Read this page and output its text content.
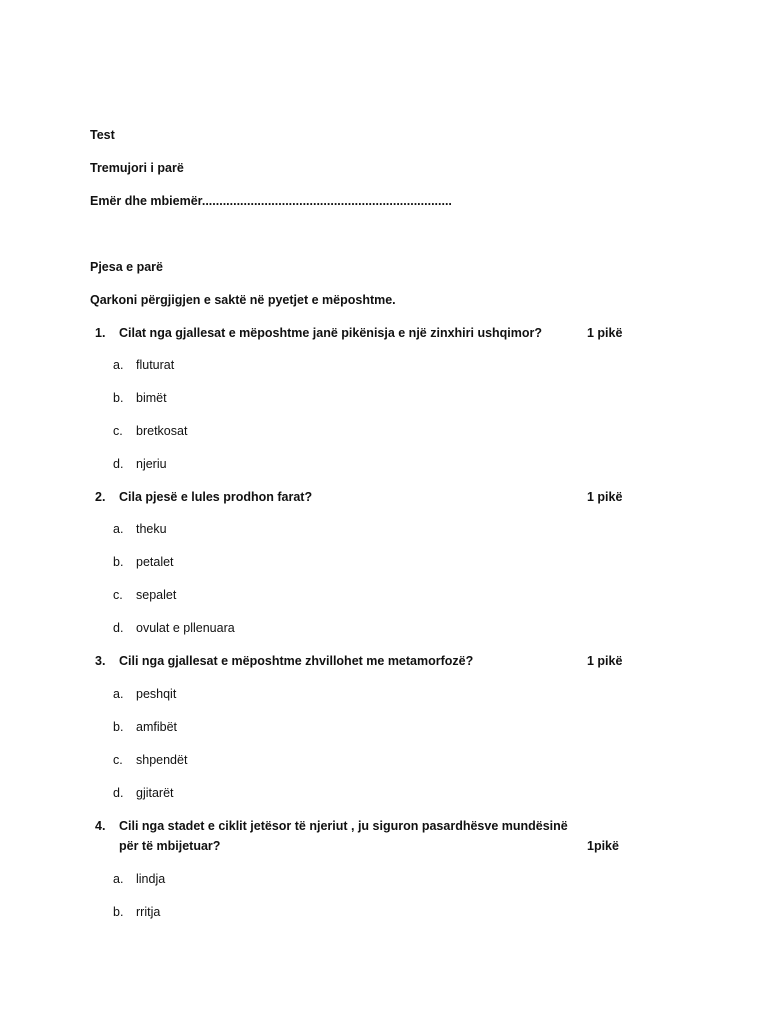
Test
Tremujori i parë
Emër dhe mbiemër........................................................................
Pjesa e parë
Qarkoni përgjigjen e saktë në pyetjet e mëposhtme.
1. Cilat nga gjallesat e mëposhtme janë pikënisja e një zinxhiri ushqimor?	1 pikë
a. fluturat
b. bimët
c. bretkosat
d. njeriu
2. Cila pjesë e lules prodhon farat?	1 pikë
a. theku
b. petalet
c. sepalet
d. ovulat e pllenuara
3. Cili nga gjallesat e mëposhtme zhvillohet me metamorfozë?	1 pikë
a. peshqit
b. amfibët
c. shpendët
d. gjitarët
4. Cili nga stadet e ciklit jetësor të njeriut , ju siguron pasardhësve mundësinë
për të mbijetuar?	1pikë
a. lindja
b. rritja
